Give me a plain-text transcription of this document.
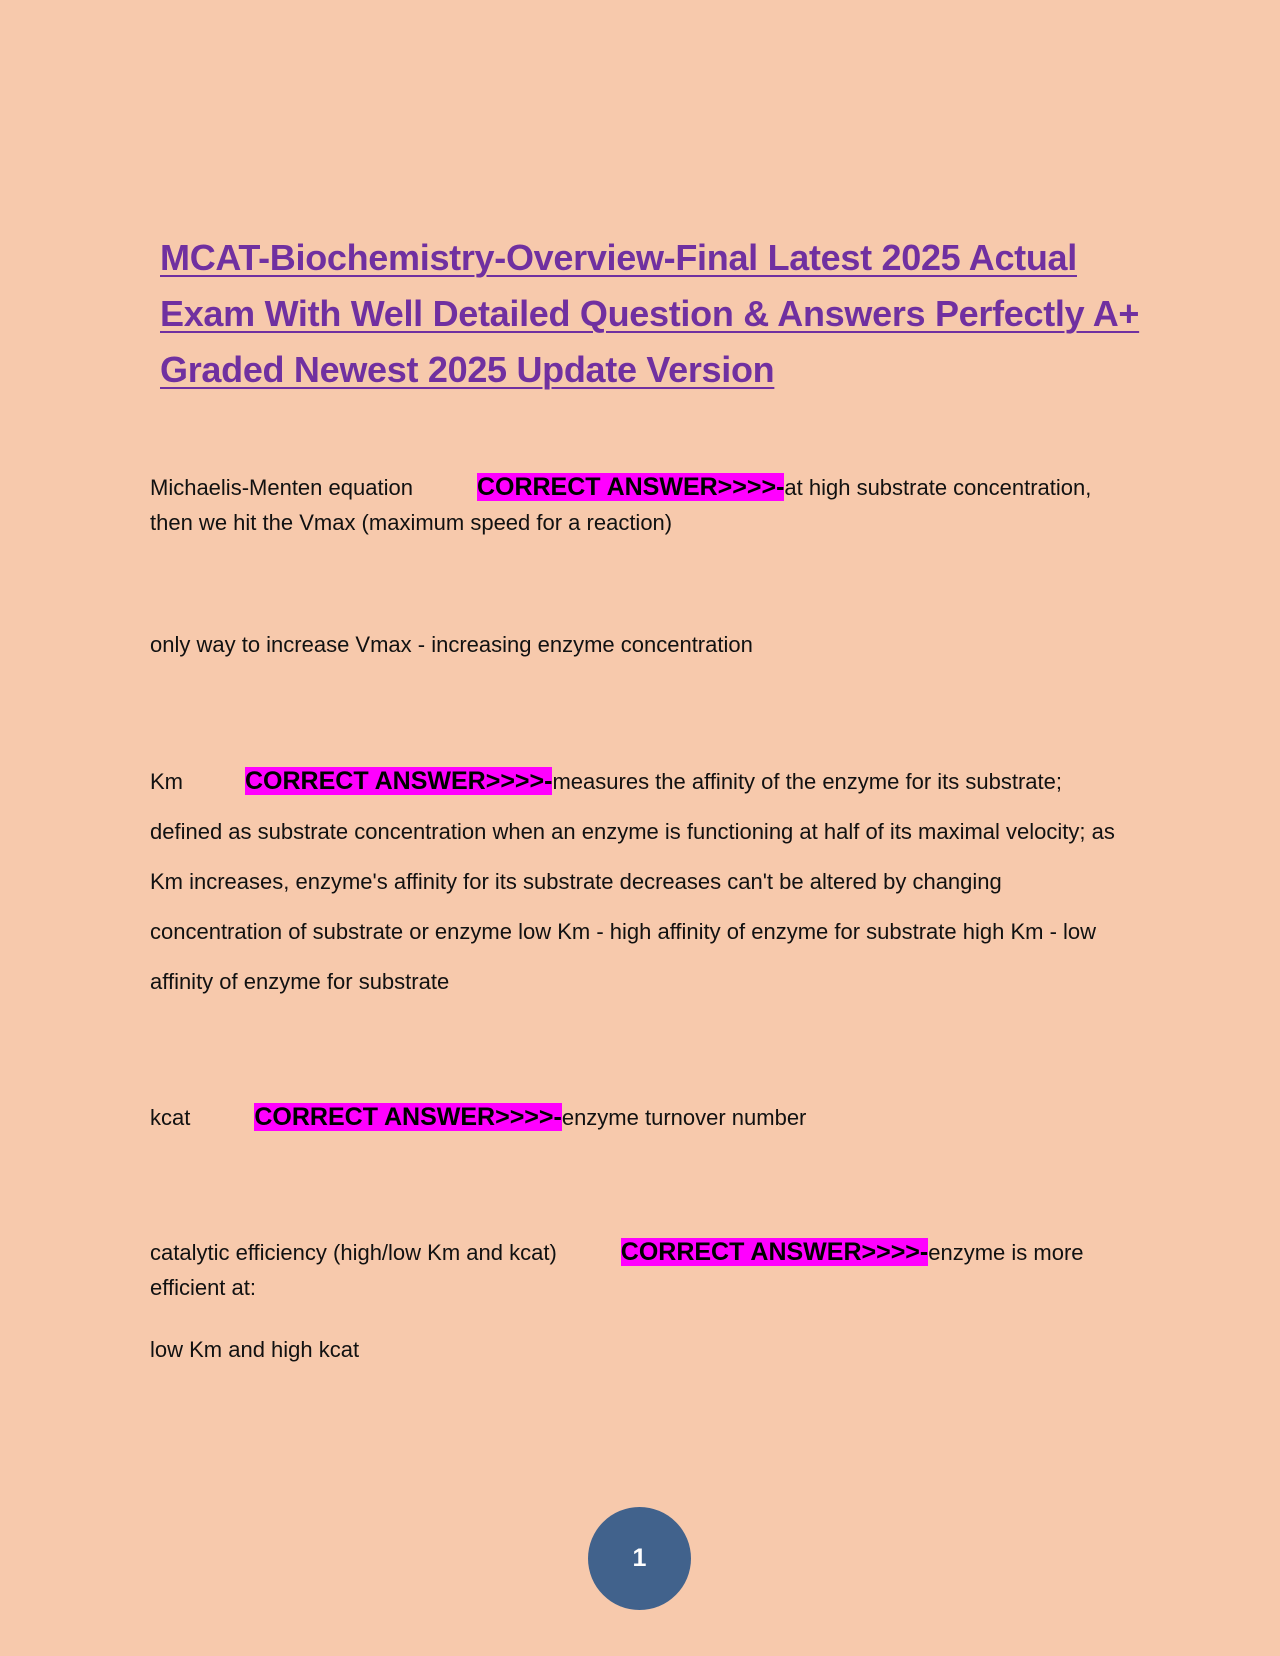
MCAT-Biochemistry-Overview-Final Latest 2025 Actual Exam With Well Detailed Question & Answers Perfectly A+ Graded Newest 2025 Update Version
Michaelis-Menten equation	CORRECT ANSWER>>>>-at high substrate concentration, then we hit the Vmax (maximum speed for a reaction)
only way to increase Vmax - increasing enzyme concentration
Km CORRECT ANSWER>>>>-measures the affinity of the enzyme for its substrate; defined as substrate concentration when an enzyme is functioning at half of its maximal velocity; as Km increases, enzyme's affinity for its substrate decreases can't be altered by changing concentration of substrate or enzyme low Km - high affinity of enzyme for substrate high Km - low affinity of enzyme for substrate
kcat	CORRECT ANSWER>>>>-enzyme turnover number
catalytic efficiency (high/low Km and kcat)	CORRECT ANSWER>>>>-enzyme is more efficient at:
low Km and high kcat
1
